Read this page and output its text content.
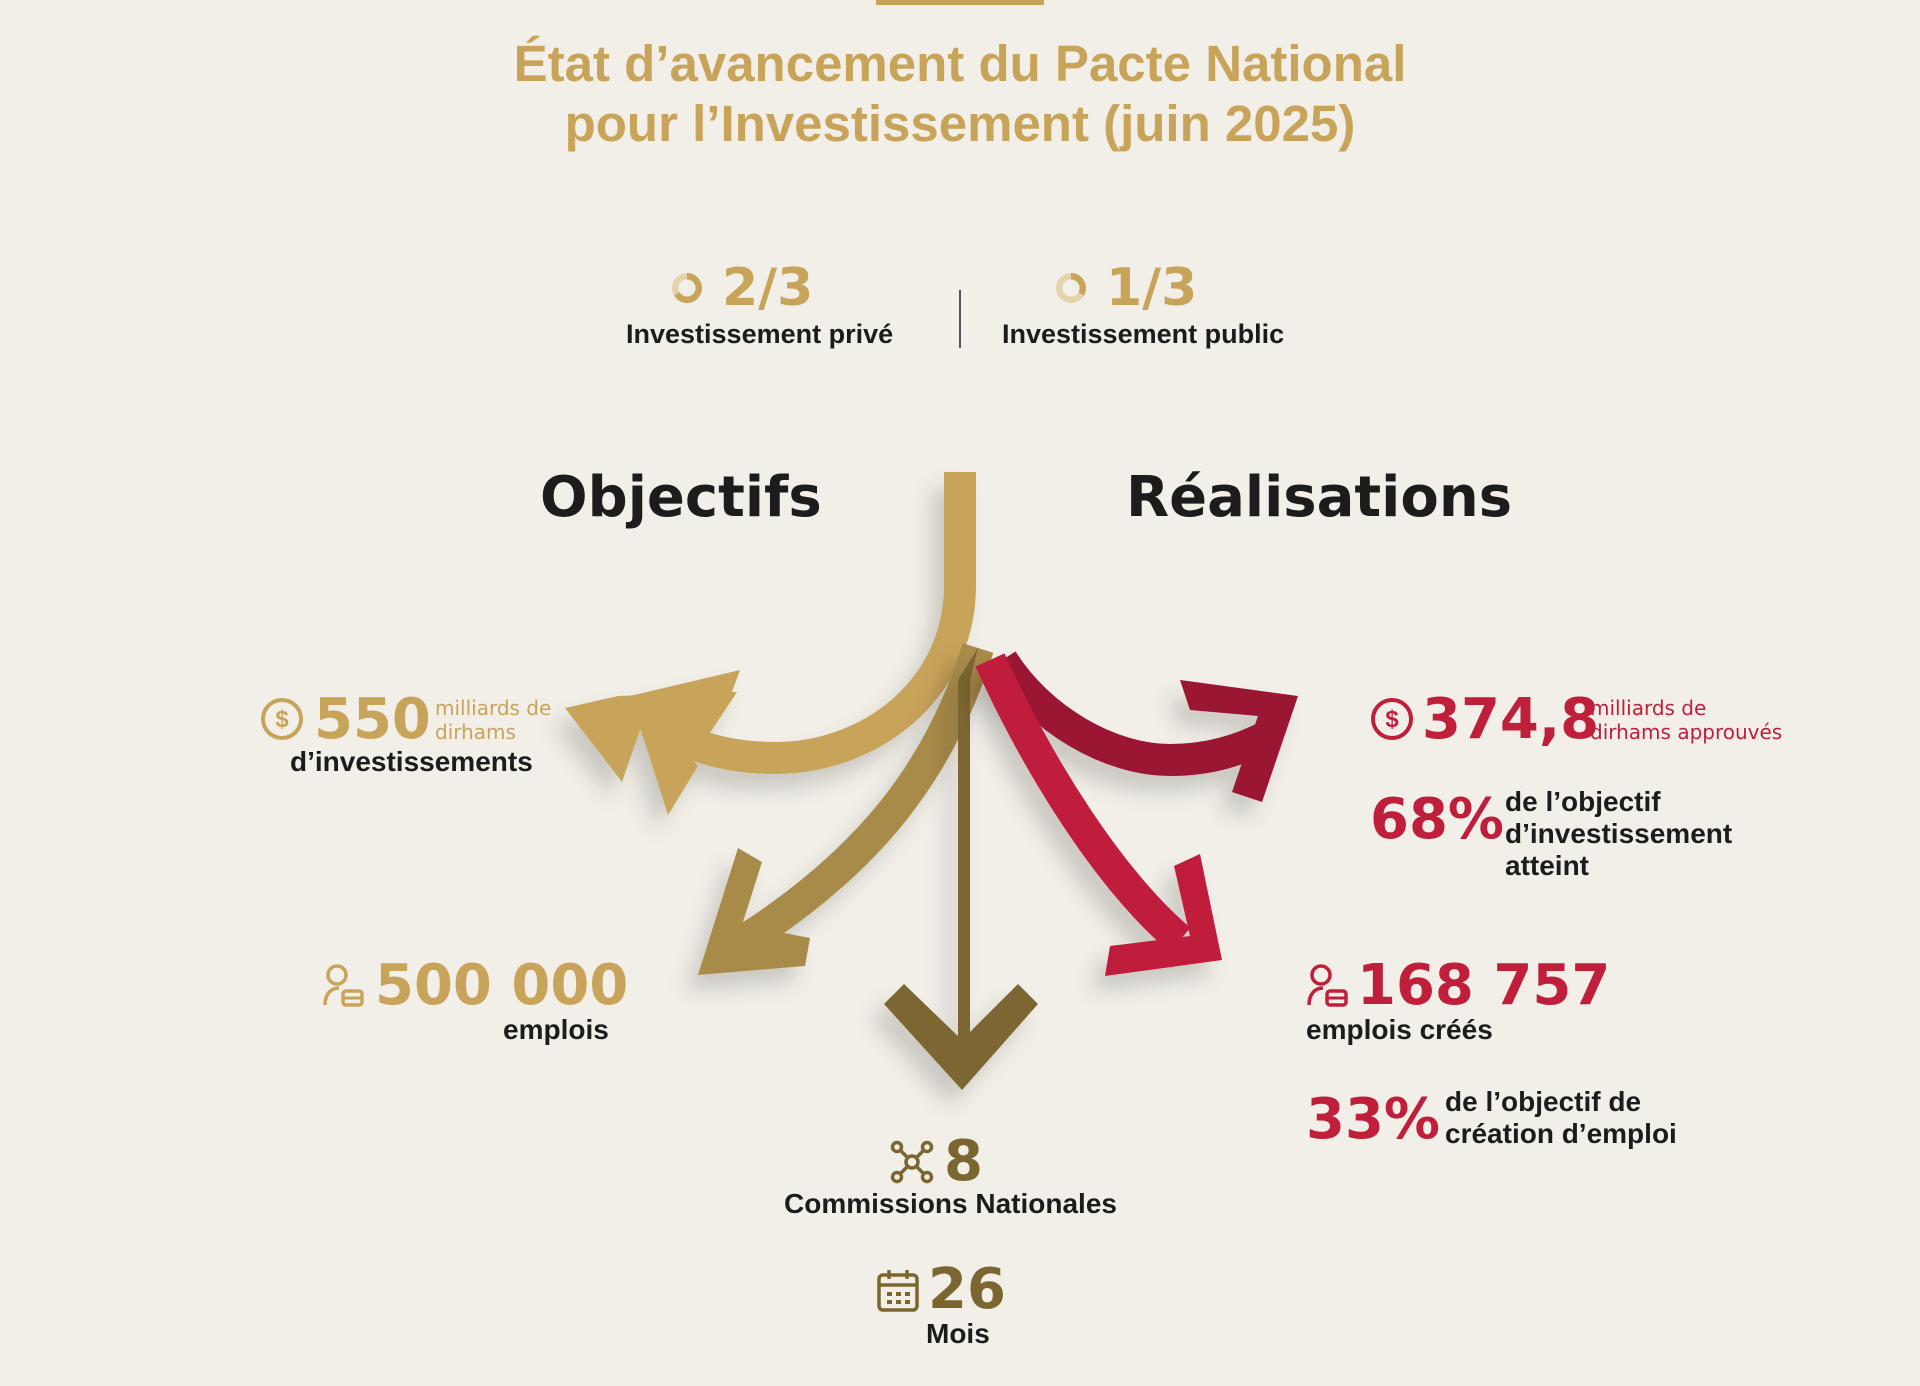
État d’avancement du Pacte National
pour l’Investissement (juin 2025)
2/3
Investissement privé
1/3
Investissement public
Objectifs	Réalisations
$ 550 milliards de
dirhams
d’investissements
500 000
emplois
8
Commissions Nationales
26
Mois
$ 374,8
milliards de
dirhams approuvés
68% de l’objectif
d’investissement
atteint
168 757
emplois créés
33% de l’objectif de
création d’emploi
